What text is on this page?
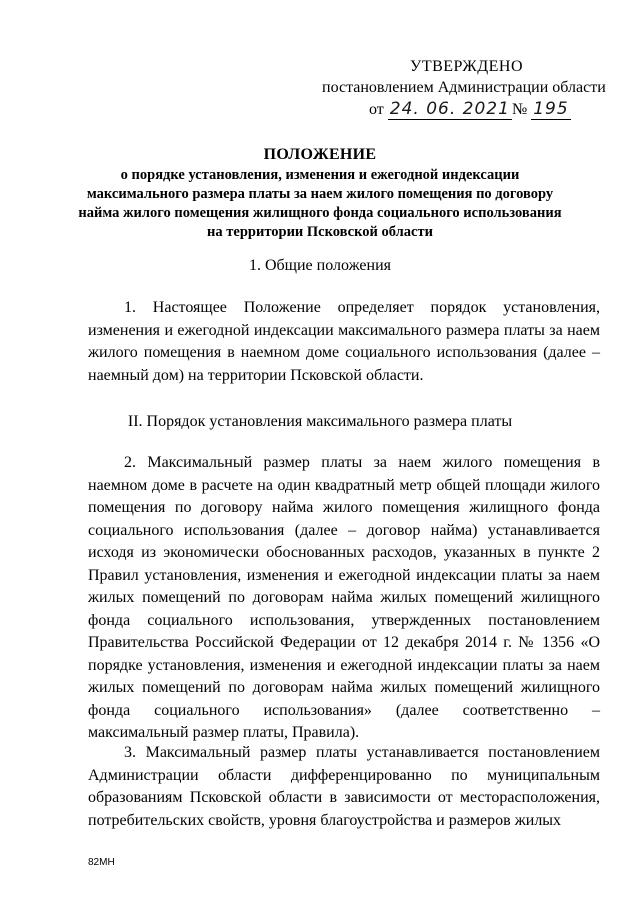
УТВЕРЖДЕНО
постановлением Администрации области
от 24. 06. 2021 № 195
ПОЛОЖЕНИЕ
о порядке установления, изменения и ежегодной индексации максимального размера платы за наем жилого помещения по договору найма жилого помещения жилищного фонда социального использования на территории Псковской области
1. Общие положения
1. Настоящее Положение определяет порядок установления, изменения и ежегодной индексации максимального размера платы за наем жилого помещения в наемном доме социального использования (далее – наемный дом) на территории Псковской области.
II. Порядок установления максимального размера платы
2. Максимальный размер платы за наем жилого помещения в наемном доме в расчете на один квадратный метр общей площади жилого помещения по договору найма жилого помещения жилищного фонда социального использования (далее – договор найма) устанавливается исходя из экономически обоснованных расходов, указанных в пункте 2 Правил установления, изменения и ежегодной индексации платы за наем жилых помещений по договорам найма жилых помещений жилищного фонда социального использования, утвержденных постановлением Правительства Российской Федерации от 12 декабря 2014 г. № 1356 «О порядке установления, изменения и ежегодной индексации платы за наем жилых помещений по договорам найма жилых помещений жилищного фонда социального использования» (далее соответственно – максимальный размер платы, Правила).
3. Максимальный размер платы устанавливается постановлением Администрации области дифференцированно по муниципальным образованиям Псковской области в зависимости от месторасположения, потребительских свойств, уровня благоустройства и размеров жилых
82МН
